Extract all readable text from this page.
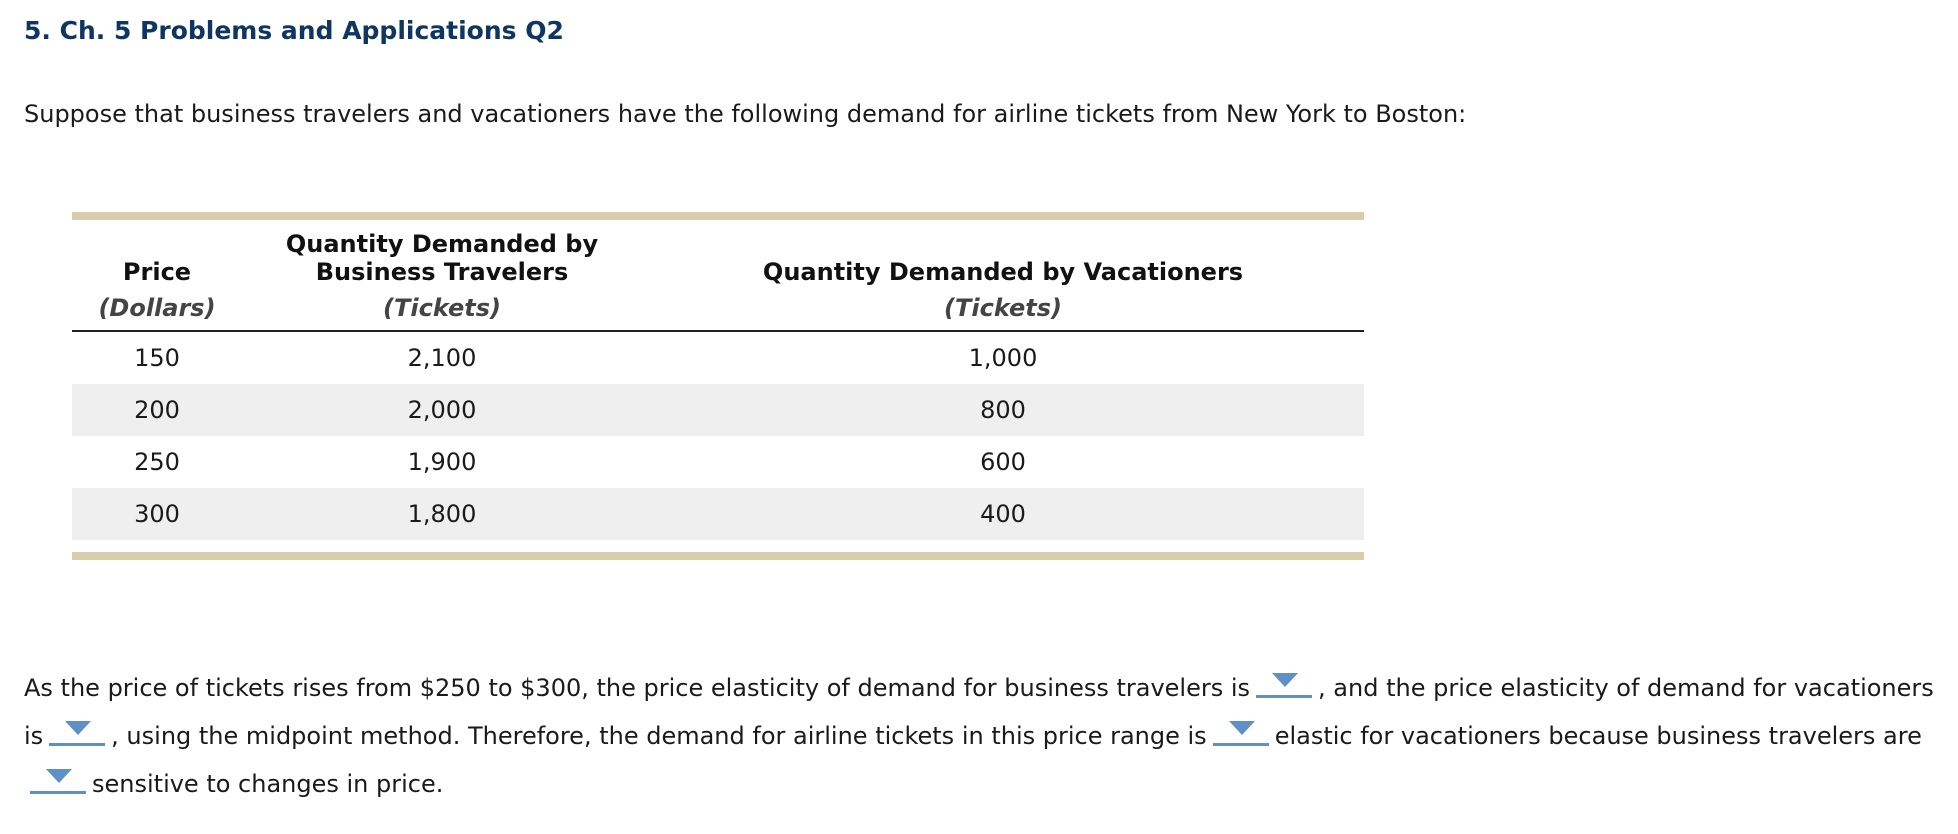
5. Ch. 5 Problems and Applications Q2

Suppose that business travelers and vacationers have the following demand for airline tickets from New York to Boston:

Price	Quantity Demanded by Business Travelers	Quantity Demanded by Vacationers
(Dollars)	(Tickets)	(Tickets)
150	2,100	1,000
200	2,000	800
250	1,900	600
300	1,800	400

As the price of tickets rises from $250 to $300, the price elasticity of demand for business travelers is	, and the price elasticity of demand for vacationers is	, using the midpoint method. Therefore, the demand for airline tickets in this price range is	elastic for vacationers because business travelers are
sensitive to changes in price.
